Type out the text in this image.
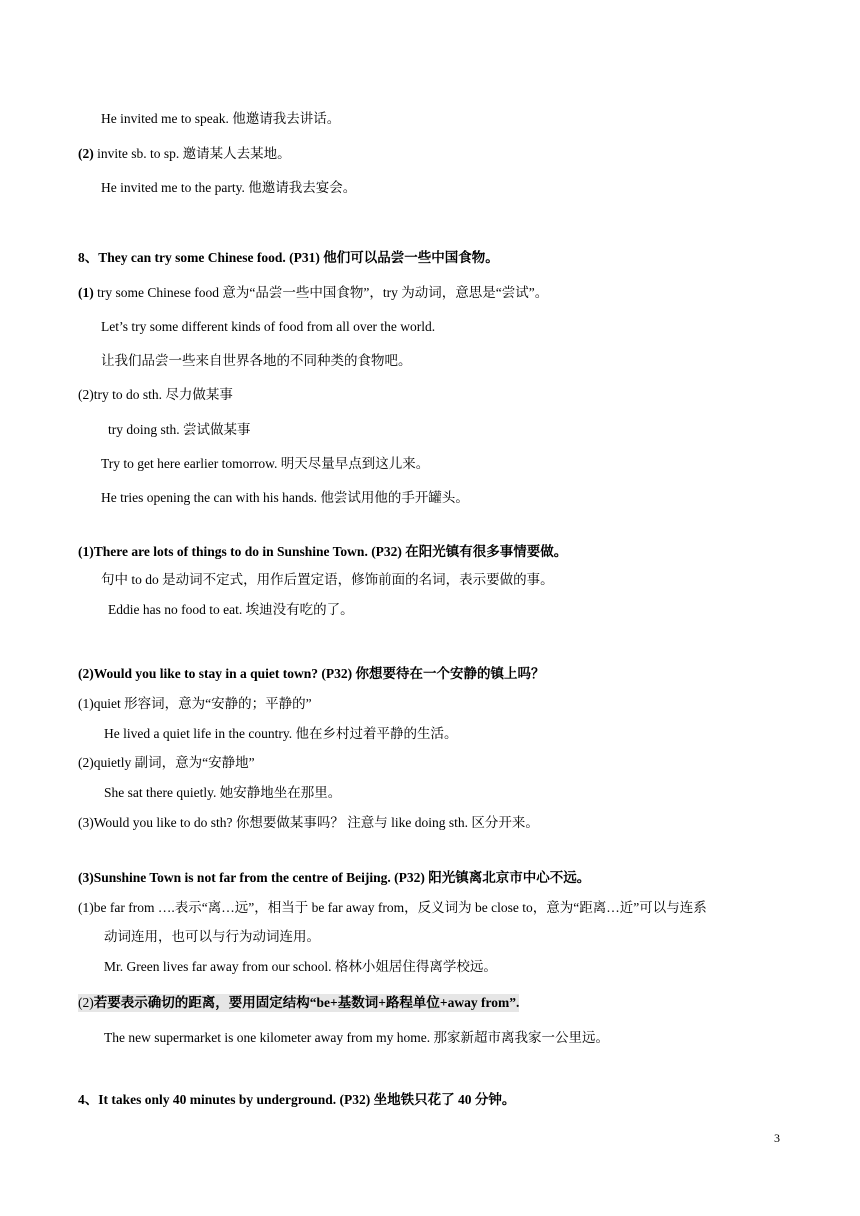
He invited me to speak. 他邀请我去讲话。
(2) invite sb. to sp. 邀请某人去某地。
He invited me to the party. 他邀请我去宴会。
8、They can try some Chinese food. (P31) 他们可以品尝一些中国食物。
(1) try some Chinese food 意为“品尝一些中国食物”，try 为动词，意思是“尝试”。
Let’s try some different kinds of food from all over the world.
让我们品尝一些来自世界各地的不同种类的食物吧。
(2)try to do sth. 尽力做某事
try doing sth. 尝试做某事
Try to get here earlier tomorrow. 明天尽量早点到这儿来。
He tries opening the can with his hands. 他尝试用他的手开罐头。
(1)There are lots of things to do in Sunshine Town. (P32) 在阳光镇有很多事情要做。
句中 to do 是动词不定式，用作后置定语，修饰前面的名词，表示要做的事。
Eddie has no food to eat. 埃迪没有吃的了。
(2)Would you like to stay in a quiet town? (P32) 你想要待在一个安静的镇上吗？
(1)quiet 形容词，意为“安静的；平静的”
He lived a quiet life in the country. 他在乡村过着平静的生活。
(2)quietly 副词，意为“安静地”
She sat there quietly. 她安静地坐在那里。
(3)Would you like to do sth? 你想要做某事吗？ 注意与 like doing sth. 区分开来。
(3)Sunshine Town is not far from the centre of Beijing. (P32) 阳光镇离北京市中心不远。
(1)be far from ….表示“离…远”，相当于 be far away from，反义词为 be close to，意为“距离…近”可以与连系
动词连用，也可以与行为动词连用。
Mr. Green lives far away from our school. 格林小姐居住得离学校远。
(2)若要表示确切的距离，要用固定结构“be+基数词+路程单位+away from”.
The new supermarket is one kilometer away from my home. 那家新超市离我家一公里远。
4、It takes only 40 minutes by underground. (P32) 坐地铁只花了 40 分钟。
3
